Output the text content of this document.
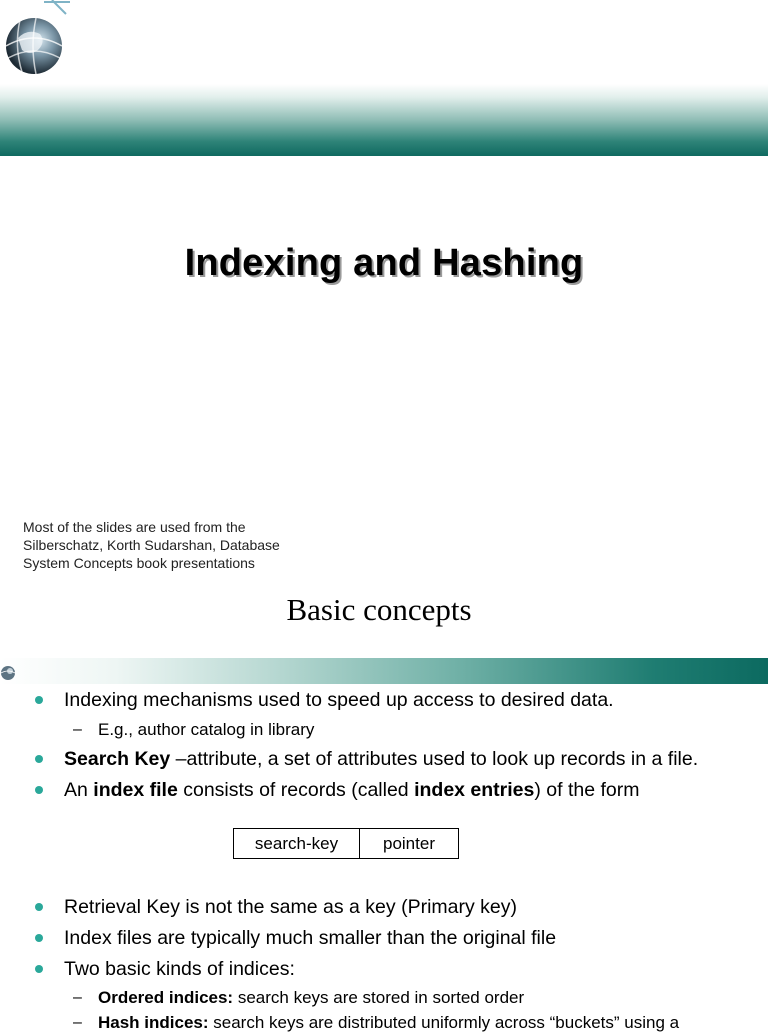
Indexing and Hashing
Most of the slides are used from the
Silberschatz, Korth Sudarshan, Database
System Concepts book presentations
Basic concepts
Indexing mechanisms used to speed up access to desired data.
– E.g., author catalog in library
Search Key –attribute, a set of attributes used to look up records in a file.
An index file consists of records (called index entries) of the form
search-key	pointer
Retrieval Key is not the same as a key (Primary key)
Index files are typically much smaller than the original file
Two basic kinds of indices:
– Ordered indices: search keys are stored in sorted order
– Hash indices: search keys are distributed uniformly across “buckets” using a
